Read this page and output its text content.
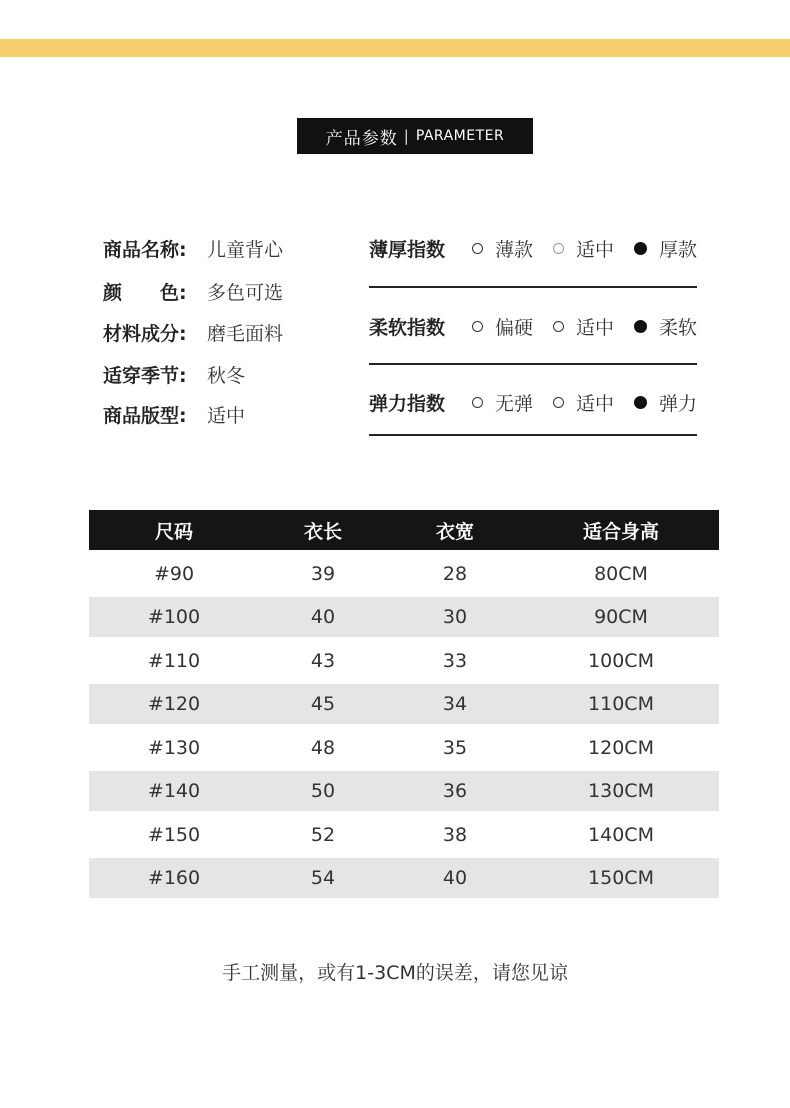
产品参数 | PARAMETER
商品名称:	儿童背心
颜　　色:	多色可选
材料成分:	磨毛面料
适穿季节:	秋冬
商品版型:	适中
薄厚指数	薄款 适中 厚款
柔软指数	偏硬 适中 柔软
弹力指数	无弹 适中 弹力
尺码	衣长	衣宽	适合身高
#90	39	28	80CM
#100	40	30	90CM
#110	43	33	100CM
#120	45	34	110CM
#130	48	35	120CM
#140	50	36	130CM
#150	52	38	140CM
#160	54	40	150CM
手工测量，或有1-3CM的误差，请您见谅
